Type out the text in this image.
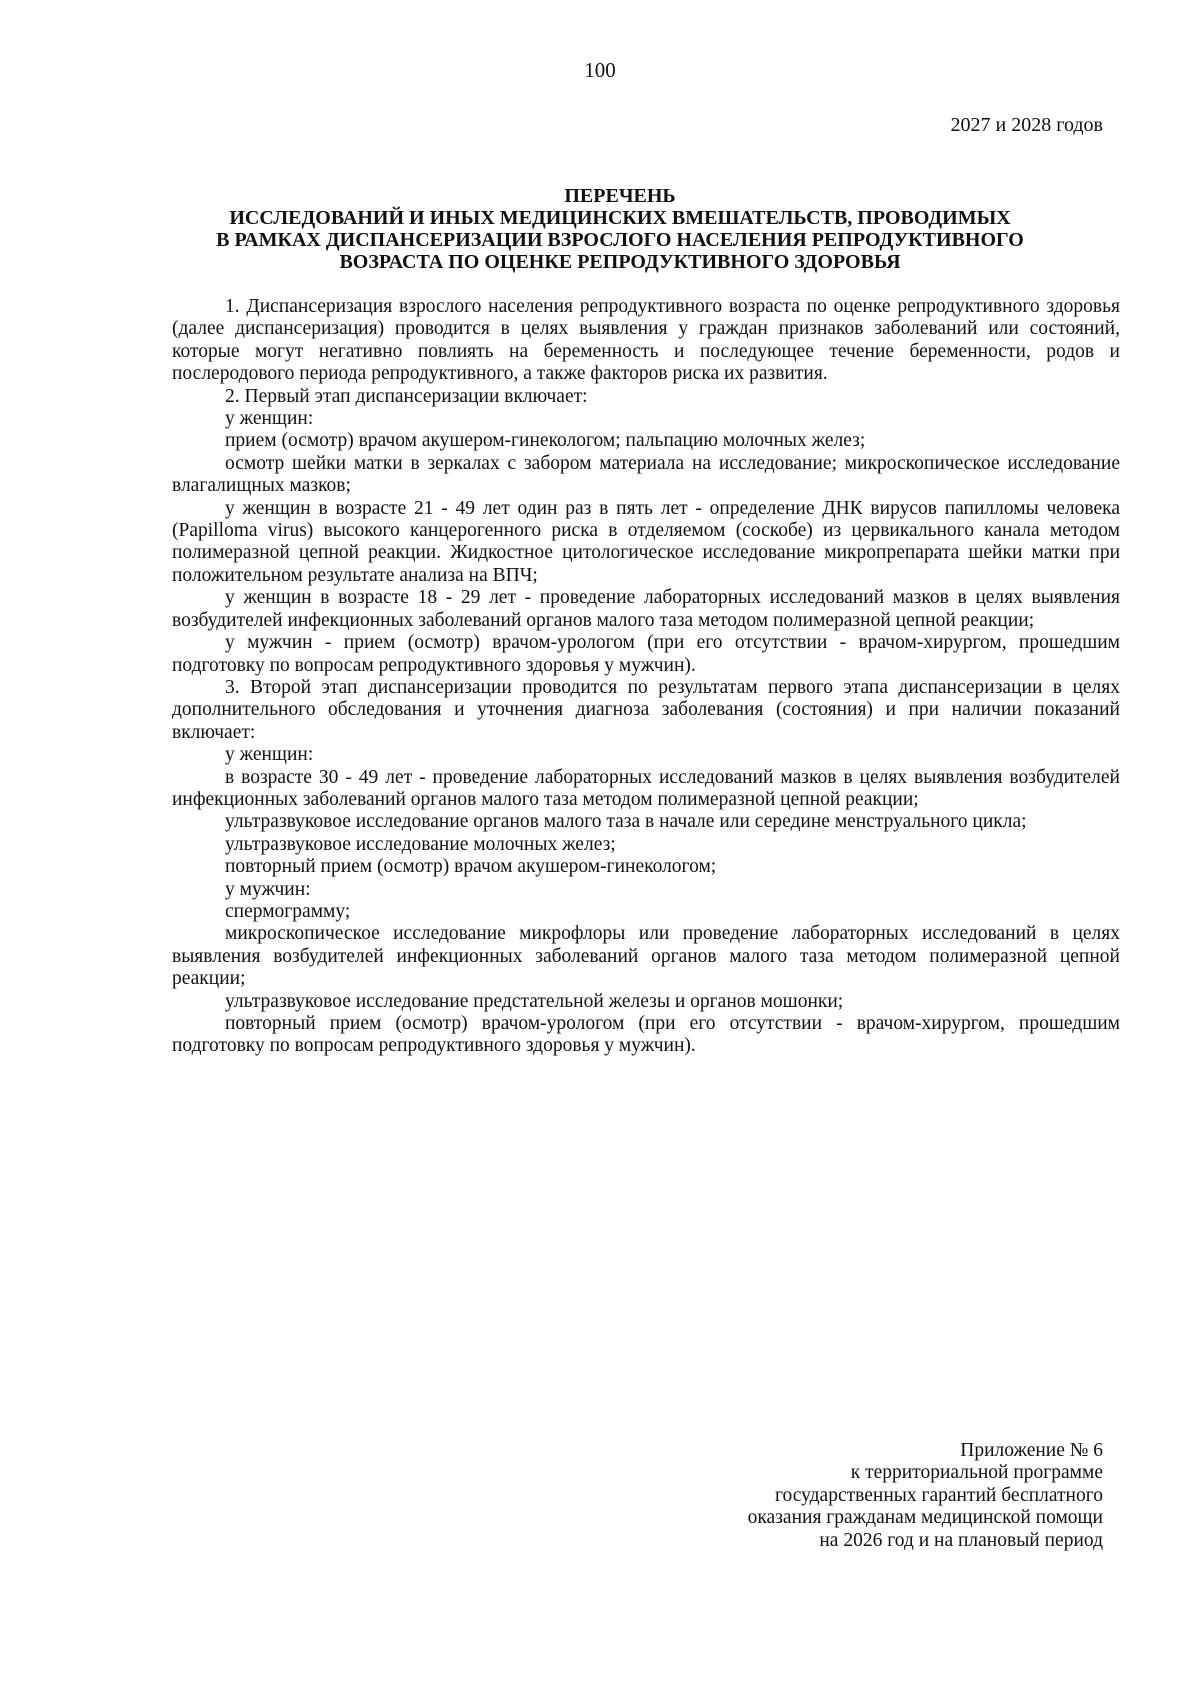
100
2027 и 2028 годов
ПЕРЕЧЕНЬ
ИССЛЕДОВАНИЙ И ИНЫХ МЕДИЦИНСКИХ ВМЕШАТЕЛЬСТВ, ПРОВОДИМЫХ
В РАМКАХ ДИСПАНСЕРИЗАЦИИ ВЗРОСЛОГО НАСЕЛЕНИЯ РЕПРОДУКТИВНОГО
ВОЗРАСТА ПО ОЦЕНКЕ РЕПРОДУКТИВНОГО ЗДОРОВЬЯ

1. Диспансеризация взрослого населения репродуктивного возраста по оценке репродуктивного здоровья (далее диспансеризация) проводится в целях выявления у граждан признаков заболеваний или состояний, которые могут негативно повлиять на беременность и последующее течение беременности, родов и послеродового периода репродуктивного, а также факторов риска их развития.

2. Первый этап диспансеризации включает:

у женщин:

прием (осмотр) врачом акушером-гинекологом; пальпацию молочных желез;

осмотр шейки матки в зеркалах с забором материала на исследование; микроскопическое исследование влагалищных мазков;

у женщин в возрасте 21 - 49 лет один раз в пять лет - определение ДНК вирусов папилломы человека (Papilloma virus) высокого канцерогенного риска в отделяемом (соскобе) из цервикального канала методом полимеразной цепной реакции. Жидкостное цитологическое исследование микропрепарата шейки матки при положительном результате анализа на ВПЧ;

у женщин в возрасте 18 - 29 лет - проведение лабораторных исследований мазков в целях выявления возбудителей инфекционных заболеваний органов малого таза методом полимеразной цепной реакции;

у мужчин - прием (осмотр) врачом-урологом (при его отсутствии - врачом-хирургом, прошедшим подготовку по вопросам репродуктивного здоровья у мужчин).

3. Второй этап диспансеризации проводится по результатам первого этапа диспансеризации в целях дополнительного обследования и уточнения диагноза заболевания (состояния) и при наличии показаний включает:

у женщин:

в возрасте 30 - 49 лет - проведение лабораторных исследований мазков в целях выявления возбудителей инфекционных заболеваний органов малого таза методом полимеразной цепной реакции;

ультразвуковое исследование органов малого таза в начале или середине менструального цикла;

ультразвуковое исследование молочных желез;

повторный прием (осмотр) врачом акушером-гинекологом;

у мужчин:

спермограмму;

микроскопическое исследование микрофлоры или проведение лабораторных исследований в целях выявления возбудителей инфекционных заболеваний органов малого таза методом полимеразной цепной реакции;

ультразвуковое исследование предстательной железы и органов мошонки;

повторный прием (осмотр) врачом-урологом (при его отсутствии - врачом-хирургом, прошедшим подготовку по вопросам репродуктивного здоровья у мужчин).

Приложение № 6
к территориальной программе
государственных гарантий бесплатного
оказания гражданам медицинской помощи
на 2026 год и на плановый период
